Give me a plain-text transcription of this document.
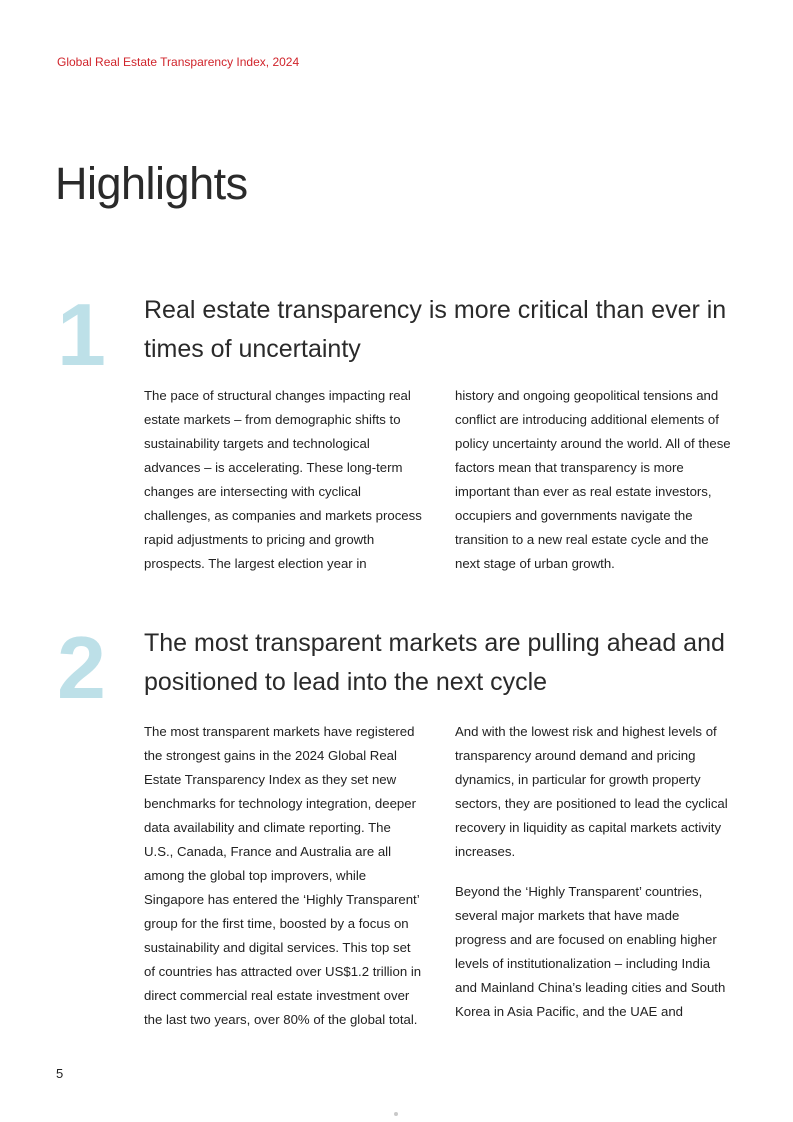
Global Real Estate Transparency Index, 2024
Highlights
1 Real estate transparency is more critical than ever in times of uncertainty

The pace of structural changes impacting real estate markets – from demographic shifts to sustainability targets and technological advances – is accelerating. These long-term changes are intersecting with cyclical challenges, as companies and markets process rapid adjustments to pricing and growth prospects. The largest election year in

history and ongoing geopolitical tensions and conflict are introducing additional elements of policy uncertainty around the world. All of these factors mean that transparency is more important than ever as real estate investors, occupiers and governments navigate the transition to a new real estate cycle and the next stage of urban growth.

2 The most transparent markets are pulling ahead and positioned to lead into the next cycle

The most transparent markets have registered the strongest gains in the 2024 Global Real Estate Transparency Index as they set new benchmarks for technology integration, deeper data availability and climate reporting. The U.S., Canada, France and Australia are all among the global top improvers, while Singapore has entered the ‘Highly Transparent’ group for the first time, boosted by a focus on sustainability and digital services. This top set of countries has attracted over US$1.2 trillion in direct commercial real estate investment over the last two years, over 80% of the global total.

And with the lowest risk and highest levels of transparency around demand and pricing dynamics, in particular for growth property sectors, they are positioned to lead the cyclical recovery in liquidity as capital markets activity increases.

Beyond the ‘Highly Transparent’ countries, several major markets that have made progress and are focused on enabling higher levels of institutionalization – including India and Mainland China’s leading cities and South Korea in Asia Pacific, and the UAE and

5
